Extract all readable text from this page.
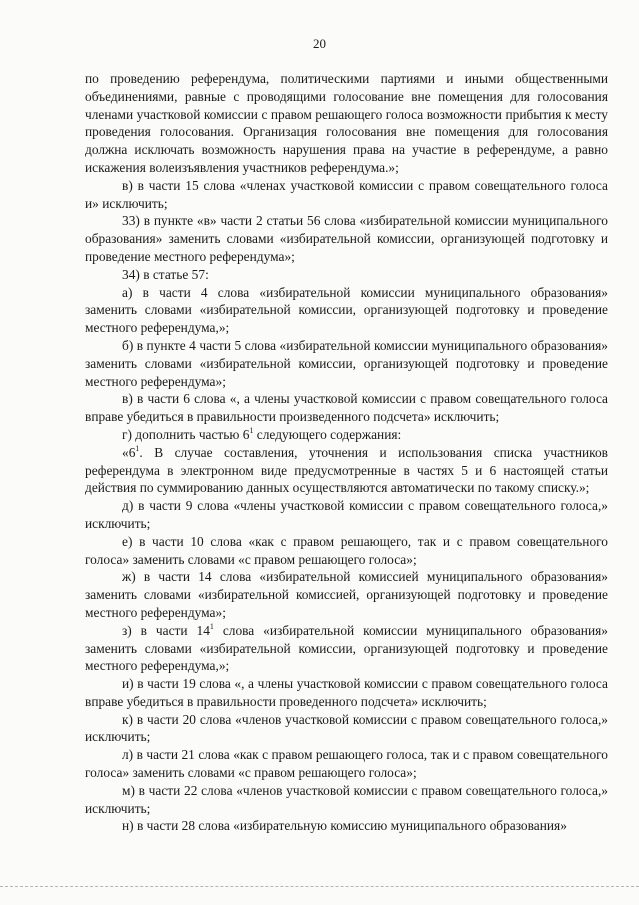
20

по проведению референдума, политическими партиями и иными общественными объединениями, равные с проводящими голосование вне помещения для голосования членами участковой комиссии с правом решающего голоса возможности прибытия к месту проведения голосования. Организация голосования вне помещения для голосования должна исключать возможность нарушения права на участие в референдуме, а равно искажения волеизъявления участников референдума.»;

в) в части 15 слова «членах участковой комиссии с правом совещательного голоса и» исключить;

33) в пункте «в» части 2 статьи 56 слова «избирательной комиссии муниципального образования» заменить словами «избирательной комиссии, организующей подготовку и проведение местного референдума»;

34) в статье 57:

а) в части 4 слова «избирательной комиссии муниципального образования» заменить словами «избирательной комиссии, организующей подготовку и проведение местного референдума,»;

б) в пункте 4 части 5 слова «избирательной комиссии муниципального образования» заменить словами «избирательной комиссии, организующей подготовку и проведение местного референдума»;

в) в части 6 слова «, а члены участковой комиссии с правом совещательного голоса вправе убедиться в правильности произведенного подсчета» исключить;

г) дополнить частью $6^1$ следующего содержания:

«$6^1$. В случае составления, уточнения и использования списка участников референдума в электронном виде предусмотренные в частях 5 и 6 настоящей статьи действия по суммированию данных осуществляются автоматически по такому списку.»;

д) в части 9 слова «члены участковой комиссии с правом совещательного голоса,» исключить;

е) в части 10 слова «как с правом решающего, так и с правом совещательного голоса» заменить словами «с правом решающего голоса»;

ж) в части 14 слова «избирательной комиссией муниципального образования» заменить словами «избирательной комиссией, организующей подготовку и проведение местного референдума»;

з) в части $14^1$ слова «избирательной комиссии муниципального образования» заменить словами «избирательной комиссии, организующей подготовку и проведение местного референдума,»;

и) в части 19 слова «, а члены участковой комиссии с правом совещательного голоса вправе убедиться в правильности проведенного подсчета» исключить;

к) в части 20 слова «членов участковой комиссии с правом совещательного голоса,» исключить;

л) в части 21 слова «как с правом решающего голоса, так и с правом совещательного голоса» заменить словами «с правом решающего голоса»;

м) в части 22 слова «членов участковой комиссии с правом совещательного голоса,» исключить;

н) в части 28 слова «избирательную комиссию муниципального образования»
